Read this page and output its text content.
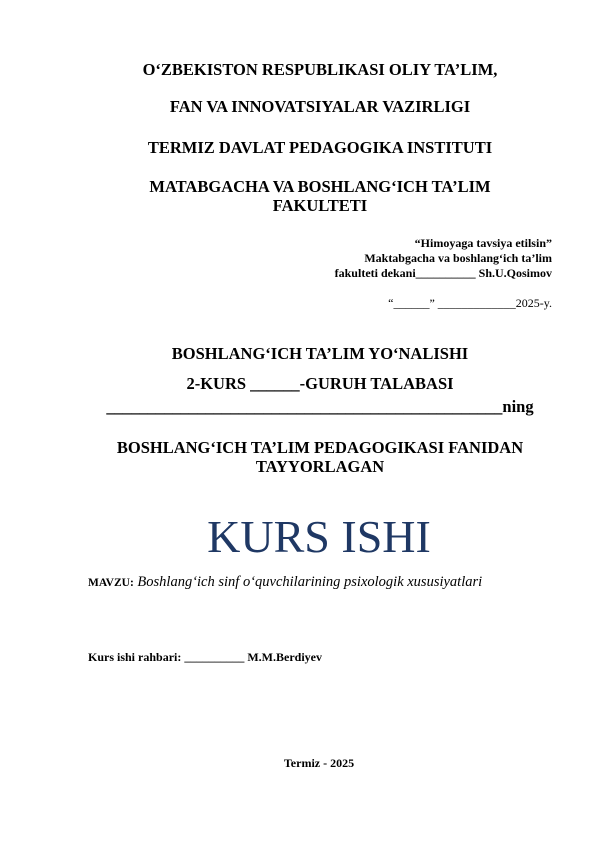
O‘ZBEKISTON RESPUBLIKASI OLIY TA’LIM,
FAN VA INNOVATSIYALAR VAZIRLIGI
TERMIZ DAVLAT PEDAGOGIKA INSTITUTI
MATABGACHA VA BOSHLANG‘ICH TA’LIM
FAKULTETI
“Himoyaga tavsiya etilsin”
Maktabgacha va boshlang‘ich ta’lim
fakulteti dekani__________ Sh.U.Qosimov
“______” _____________2025-y.
BOSHLANG‘ICH TA’LIM YO‘NALISHI
2-KURS ______-GURUH TALABASI
________________________________________________ning
BOSHLANG‘ICH TA’LIM PEDAGOGIKASI FANIDAN
TAYYORLAGAN
KURS ISHI
MAVZU: Boshlang‘ich sinf o‘quvchilarining psixologik xususiyatlari
Kurs ishi rahbari: __________ M.M.Berdiyev
Termiz - 2025
